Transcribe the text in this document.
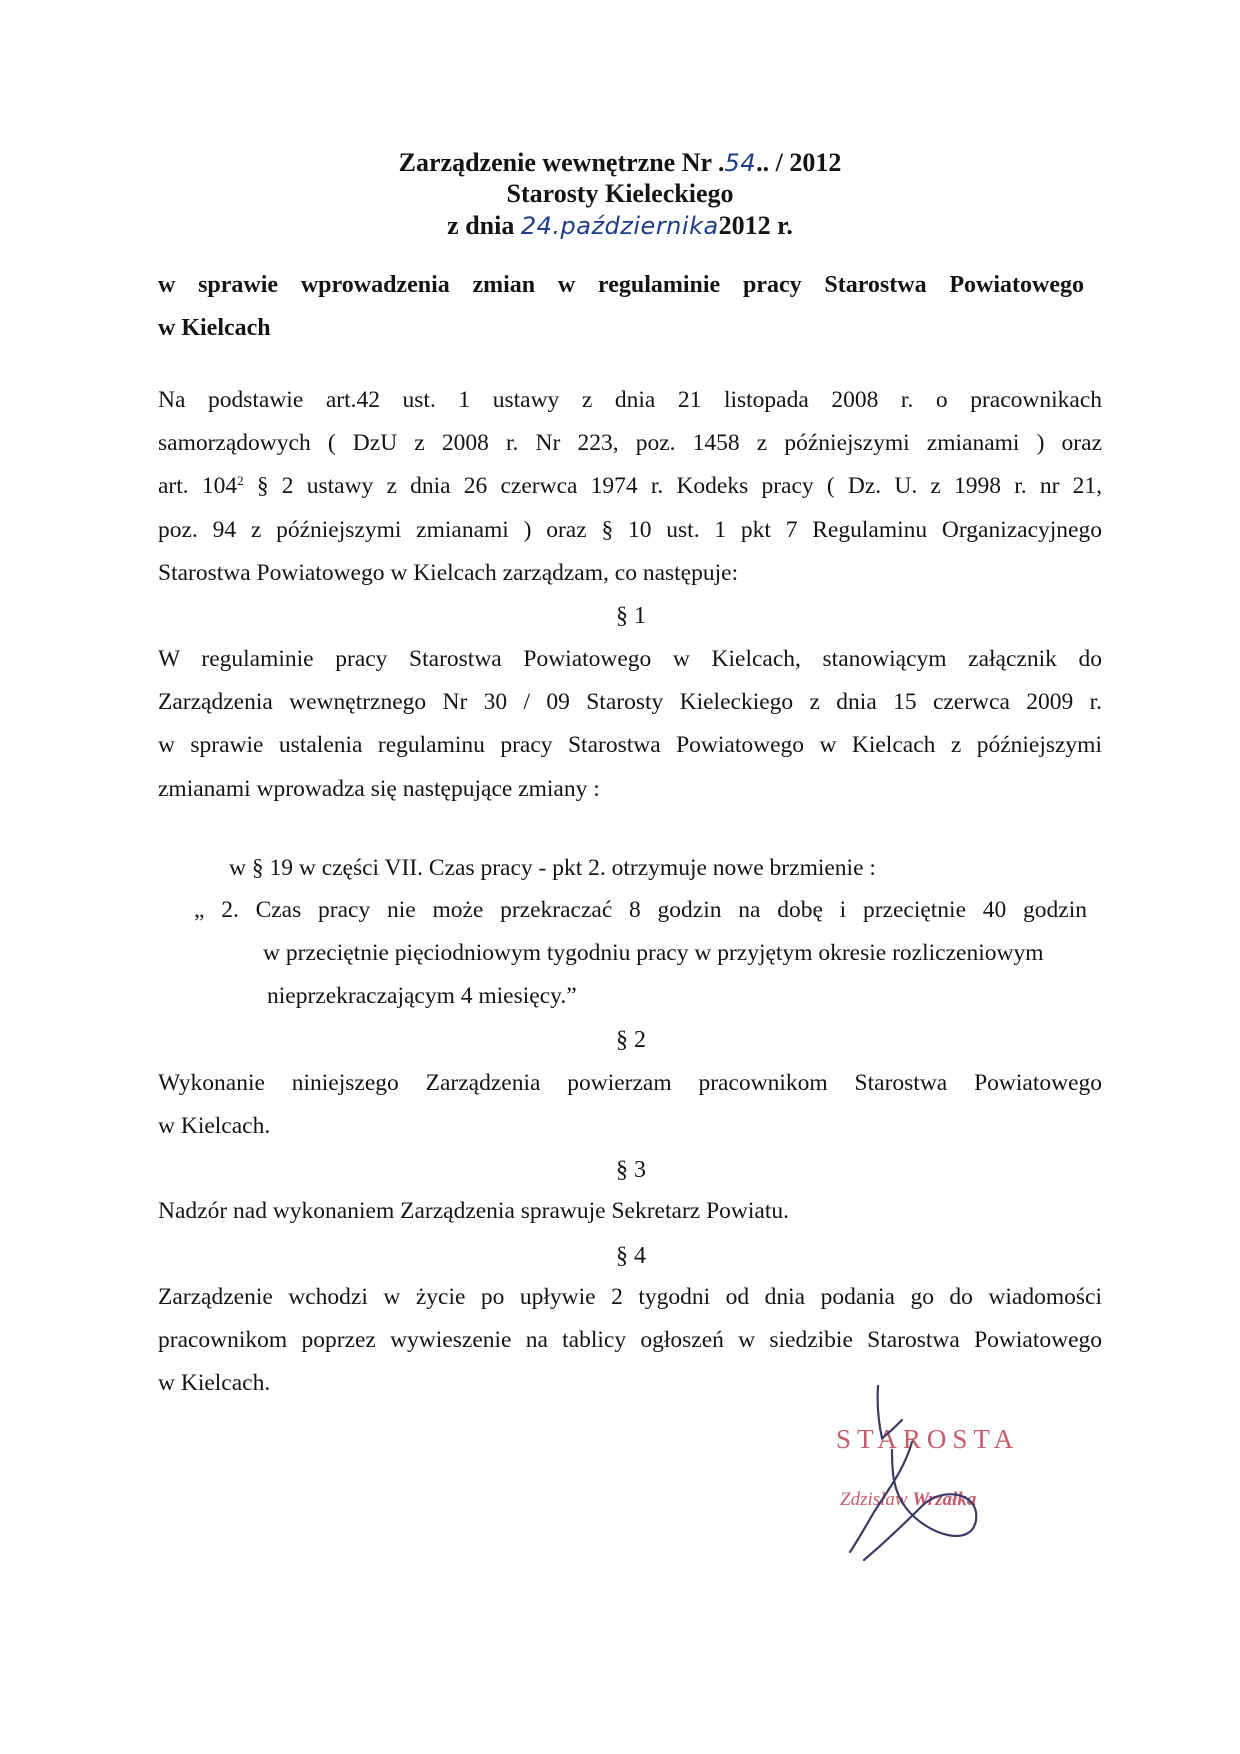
Zarządzenie wewnętrzne Nr .54.. / 2012
Starosty Kieleckiego
z dnia 24.października2012 r.
w sprawie wprowadzenia zmian w regulaminie pracy Starostwa Powiatowego
w Kielcach
Na podstawie art.42 ust. 1 ustawy z dnia 21 listopada 2008 r. o pracownikach
samorządowych ( DzU z 2008 r. Nr 223, poz. 1458 z późniejszymi zmianami ) oraz
art. $104^2$ § 2 ustawy z dnia 26 czerwca 1974 r. Kodeks pracy ( Dz. U. z 1998 r. nr 21,
poz. 94 z późniejszymi zmianami ) oraz § 10 ust. 1 pkt 7 Regulaminu Organizacyjnego
Starostwa Powiatowego w Kielcach zarządzam, co następuje:
§ 1
W regulaminie pracy Starostwa Powiatowego w Kielcach, stanowiącym załącznik do
Zarządzenia wewnętrznego Nr 30 / 09 Starosty Kieleckiego z dnia 15 czerwca 2009 r.
w sprawie ustalenia regulaminu pracy Starostwa Powiatowego w Kielcach z późniejszymi
zmianami wprowadza się następujące zmiany :
w § 19 w części VII. Czas pracy - pkt 2. otrzymuje nowe brzmienie :
„ 2. Czas pracy nie może przekraczać 8 godzin na dobę i przeciętnie 40 godzin
w przeciętnie pięciodniowym tygodniu pracy w przyjętym okresie rozliczeniowym
nieprzekraczającym 4 miesięcy.”
§ 2
Wykonanie niniejszego Zarządzenia powierzam pracownikom Starostwa Powiatowego
w Kielcach.
§ 3
Nadzór nad wykonaniem Zarządzenia sprawuje Sekretarz Powiatu.
§ 4
Zarządzenie wchodzi w życie po upływie 2 tygodni od dnia podania go do wiadomości
pracownikom poprzez wywieszenie na tablicy ogłoszeń w siedzibie Starostwa Powiatowego
w Kielcach.
STAROSTA
Zdzisław Wrzałka
